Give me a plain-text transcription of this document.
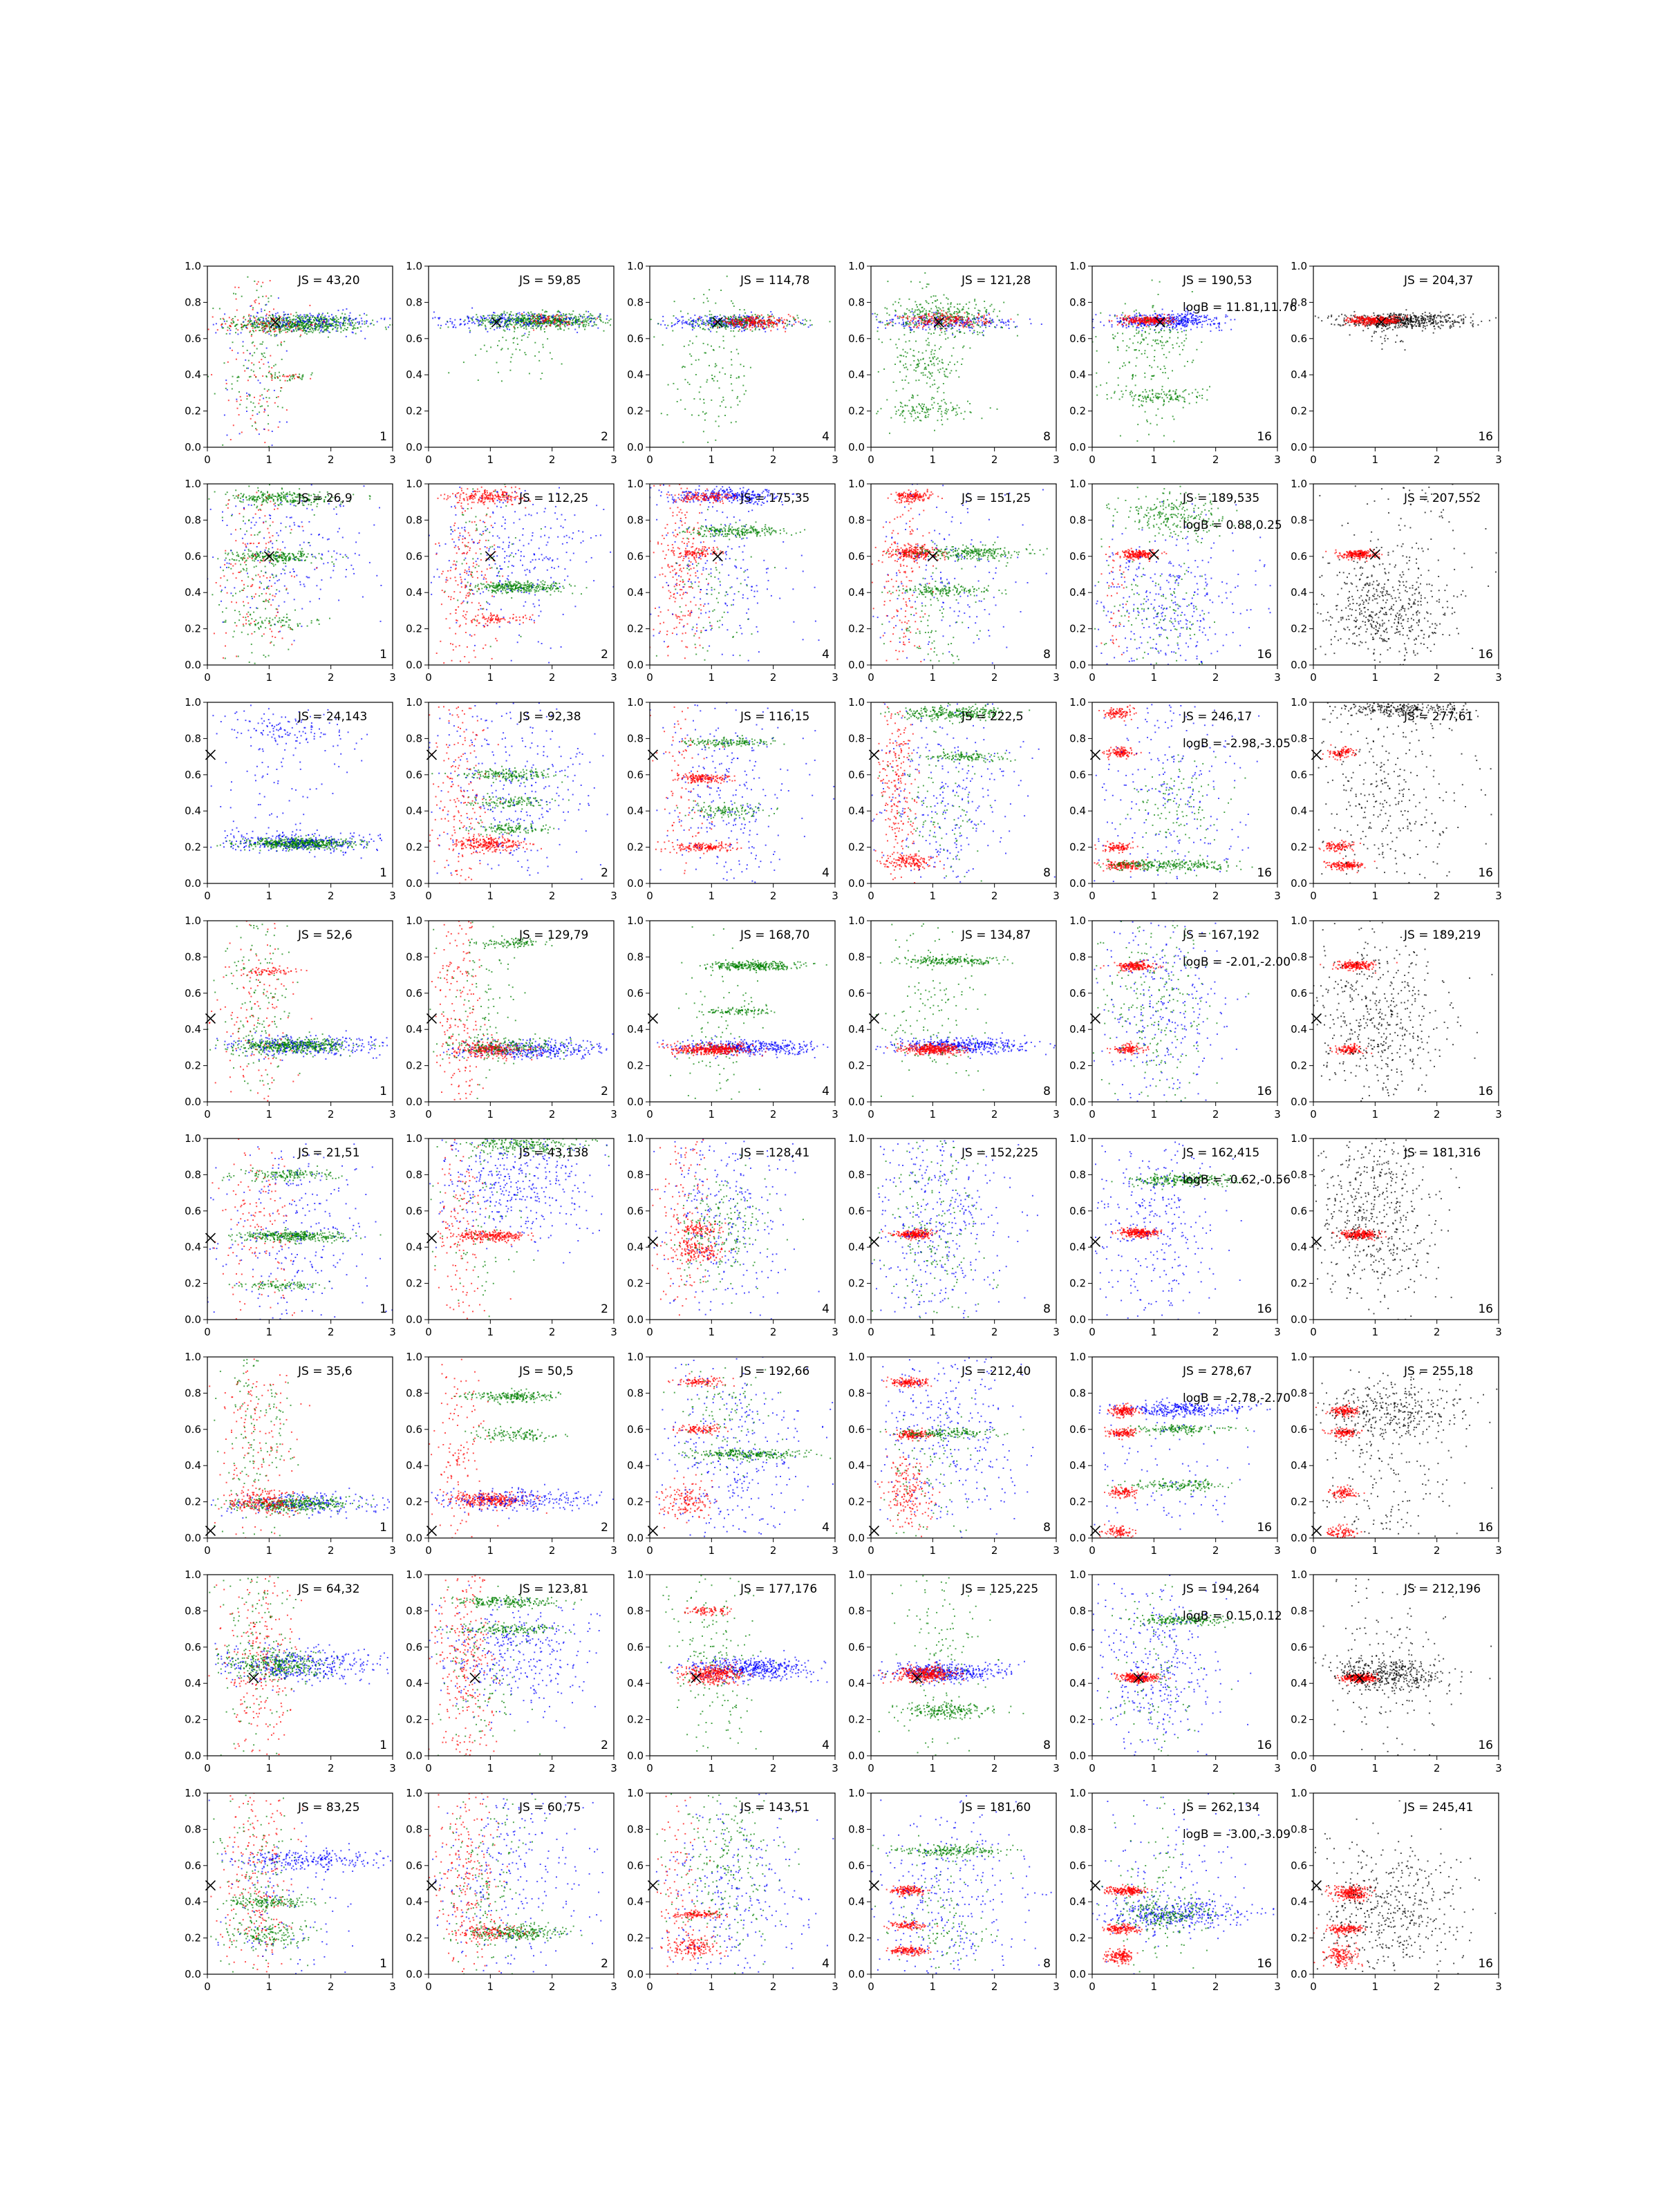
0.0
0.2
0.4
0.6
0.8
1.0
0	1	2	3
JS = 43,20
1
0.0
0.2
0.4
0.6
0.8
1.0
0	1	2	3
JS = 59,85
2
0.0
0.2
0.4
0.6
0.8
1.0
0	1	2	3
JS = 114,78
4
0.0
0.2
0.4
0.6
0.8
1.0
0	1	2	3
JS = 121,28
8
0.0
0.2
0.4
0.6
0.8
1.0
0	1	2	3
JS = 190,53
logB = 11.81,11.76
16
0.0
0.2
0.4
0.6
0.8
1.0
0	1	2	3
JS = 204,37
16
0.0
0.2
0.4
0.6
0.8
1.0
0	1	2	3
JS = 26,9
1
0.0
0.2
0.4
0.6
0.8
1.0
0	1	2	3
JS = 112,25
2
0.0
0.2
0.4
0.6
0.8
1.0
0	1	2	3
JS = 175,35
4
0.0
0.2
0.4
0.6
0.8
1.0
0	1	2	3
JS = 151,25
8
0.0
0.2
0.4
0.6
0.8
1.0
0	1	2	3
JS = 189,535
logB = 0.88,0.25
16
0.0
0.2
0.4
0.6
0.8
1.0
0	1	2	3
JS = 207,552
16
0.0
0.2
0.4
0.6
0.8
1.0
0	1	2	3
JS = 24,143
1
0.0
0.2
0.4
0.6
0.8
1.0
0	1	2	3
JS = 92,38
2
0.0
0.2
0.4
0.6
0.8
1.0
0	1	2	3
JS = 116,15
4
0.0
0.2
0.4
0.6
0.8
1.0
0	1	2	3
JS = 222,5
8
0.0
0.2
0.4
0.6
0.8
1.0
0	1	2	3
JS = 246,17
logB = -2.98,-3.05
16
0.0
0.2
0.4
0.6
0.8
1.0
0	1	2	3
JS = 277,61
16
0.0
0.2
0.4
0.6
0.8
1.0
0	1	2	3
JS = 52,6
1
0.0
0.2
0.4
0.6
0.8
1.0
0	1	2	3
JS = 129,79
2
0.0
0.2
0.4
0.6
0.8
1.0
0	1	2	3
JS = 168,70
4
0.0
0.2
0.4
0.6
0.8
1.0
0	1	2	3
JS = 134,87
8
0.0
0.2
0.4
0.6
0.8
1.0
0	1	2	3
JS = 167,192
logB = -2.01,-2.00
16
0.0
0.2
0.4
0.6
0.8
1.0
0	1	2	3
JS = 189,219
16
0.0
0.2
0.4
0.6
0.8
1.0
0	1	2	3
JS = 21,51
1
0.0
0.2
0.4
0.6
0.8
1.0
0	1	2	3
JS = 43,138
2
0.0
0.2
0.4
0.6
0.8
1.0
0	1	2	3
JS = 128,41
4
0.0
0.2
0.4
0.6
0.8
1.0
0	1	2	3
JS = 152,225
8
0.0
0.2
0.4
0.6
0.8
1.0
0	1	2	3
JS = 162,415
logB = -0.62,-0.56
16
0.0
0.2
0.4
0.6
0.8
1.0
0	1	2	3
JS = 181,316
16
0.0
0.2
0.4
0.6
0.8
1.0
0	1	2	3
JS = 35,6
1
0.0
0.2
0.4
0.6
0.8
1.0
0	1	2	3
JS = 50,5
2
0.0
0.2
0.4
0.6
0.8
1.0
0	1	2	3
JS = 192,66
4
0.0
0.2
0.4
0.6
0.8
1.0
0	1	2	3
JS = 212,40
8
0.0
0.2
0.4
0.6
0.8
1.0
0	1	2	3
JS = 278,67
logB = -2.78,-2.70
16
0.0
0.2
0.4
0.6
0.8
1.0
0	1	2	3
JS = 255,18
16
0.0
0.2
0.4
0.6
0.8
1.0
0	1	2	3
JS = 64,32
1
0.0
0.2
0.4
0.6
0.8
1.0
0	1	2	3
JS = 123,81
2
0.0
0.2
0.4
0.6
0.8
1.0
0	1	2	3
JS = 177,176
4
0.0
0.2
0.4
0.6
0.8
1.0
0	1	2	3
JS = 125,225
8
0.0
0.2
0.4
0.6
0.8
1.0
0	1	2	3
JS = 194,264
logB = 0.15,0.12
16
0.0
0.2
0.4
0.6
0.8
1.0
0	1	2	3
JS = 212,196
16
0.0
0.2
0.4
0.6
0.8
1.0
0	1	2	3
JS = 83,25
1
0.0
0.2
0.4
0.6
0.8
1.0
0	1	2	3
JS = 60,75
2
0.0
0.2
0.4
0.6
0.8
1.0
0	1	2	3
JS = 143,51
4
0.0
0.2
0.4
0.6
0.8
1.0
0	1	2	3
JS = 181,60
8
0.0
0.2
0.4
0.6
0.8
1.0
0	1	2	3
JS = 262,134
logB = -3.00,-3.09
16
0.0
0.2
0.4
0.6
0.8
1.0
0	1	2	3
JS = 245,41
16
